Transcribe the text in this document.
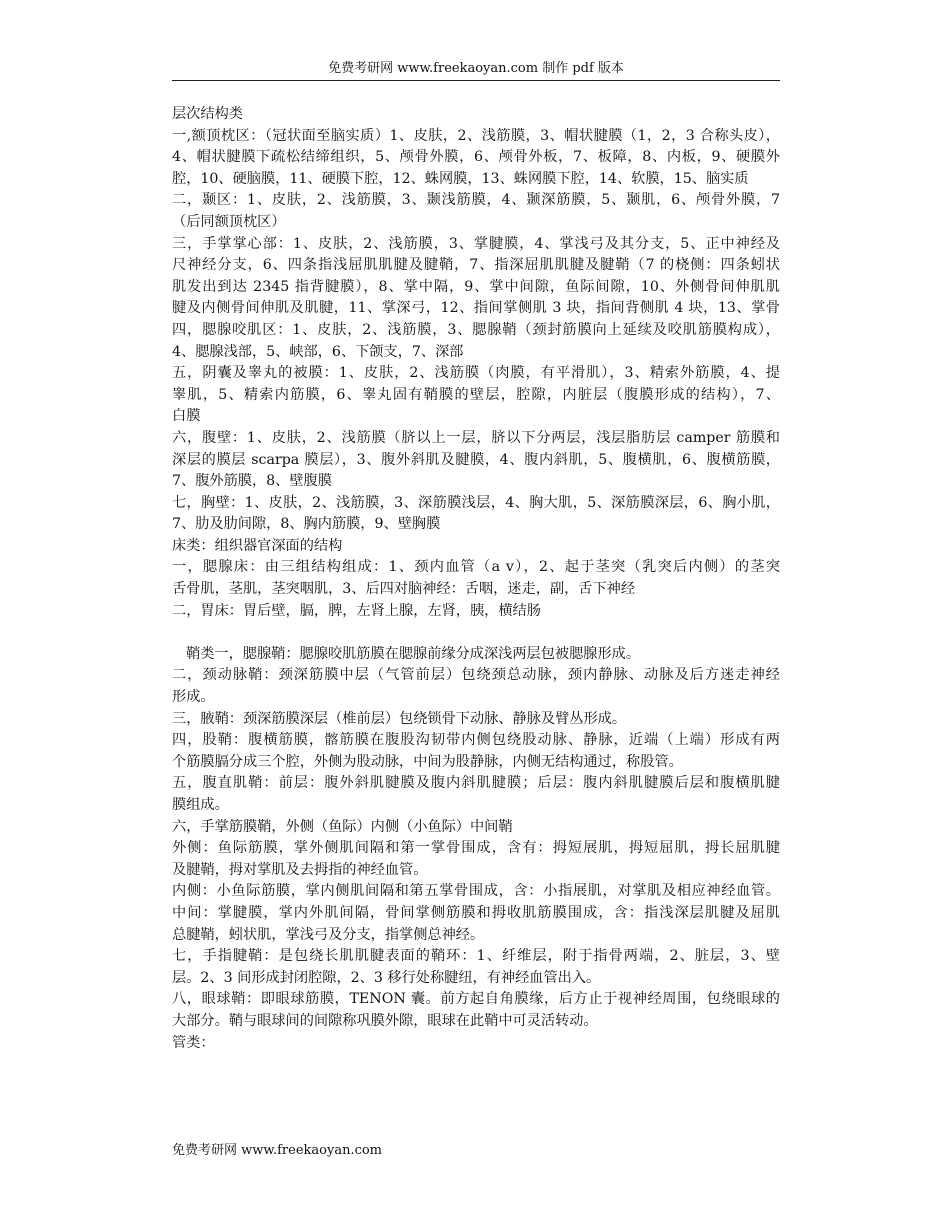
免费考研网 www.freekaoyan.com 制作 pdf 版本
层次结构类
一,额顶枕区：（冠状面至脑实质）1、皮肤，2、浅筋膜，3、帽状腱膜（1，2，3 合称头皮），
4、帽状腱膜下疏松结缔组织，5、颅骨外膜，6、颅骨外板，7、板障，8、内板，9、硬膜外
腔，10、硬脑膜，11、硬膜下腔，12、蛛网膜，13、蛛网膜下腔，14、软膜，15、脑实质
二，颞区：1、皮肤，2、浅筋膜，3、颞浅筋膜，4、颞深筋膜，5、颞肌，6、颅骨外膜，7
（后同额顶枕区）
三，手掌掌心部：1、皮肤，2、浅筋膜，3、掌腱膜，4、掌浅弓及其分支，5、正中神经及
尺神经分支，6、四条指浅屈肌肌腱及腱鞘，7、指深屈肌肌腱及腱鞘（7 的桡侧：四条蚓状
肌发出到达 2345 指背腱膜），8、掌中隔，9、掌中间隙，鱼际间隙，10、外侧骨间伸肌肌
腱及内侧骨间伸肌及肌腱，11、掌深弓，12、指间掌侧肌 3 块，指间背侧肌 4 块，13、掌骨
四，腮腺咬肌区：1、皮肤，2、浅筋膜，3、腮腺鞘（颈封筋膜向上延续及咬肌筋膜构成），
4、腮腺浅部，5、峡部，6、下颌支，7、深部
五，阴囊及睾丸的被膜：1、皮肤，2、浅筋膜（肉膜，有平滑肌），3、精索外筋膜，4、提
睾肌，5、精索内筋膜，6、睾丸固有鞘膜的壁层，腔隙，内脏层（腹膜形成的结构），7、
白膜
六，腹壁：1、皮肤，2、浅筋膜（脐以上一层，脐以下分两层，浅层脂肪层 camper 筋膜和
深层的膜层 scarpa 膜层），3、腹外斜肌及腱膜，4、腹内斜肌，5、腹横肌，6、腹横筋膜，
7、腹外筋膜，8、壁腹膜
七，胸壁：1、皮肤，2、浅筋膜，3、深筋膜浅层，4、胸大肌，5、深筋膜深层，6、胸小肌，
7、肋及肋间隙，8、胸内筋膜，9、壁胸膜
床类：组织器官深面的结构
一，腮腺床：由三组结构组成：1、颈内血管（a v），2、起于茎突（乳突后内侧）的茎突
舌骨肌，茎肌，茎突咽肌，3、后四对脑神经：舌咽，迷走，副，舌下神经
二，胃床：胃后壁，膈，脾，左肾上腺，左肾，胰，横结肠
鞘类一，腮腺鞘：腮腺咬肌筋膜在腮腺前缘分成深浅两层包被腮腺形成。
二，颈动脉鞘：颈深筋膜中层（气管前层）包绕颈总动脉，颈内静脉、动脉及后方迷走神经
形成。
三，腋鞘：颈深筋膜深层（椎前层）包绕锁骨下动脉、静脉及臂丛形成。
四，股鞘：腹横筋膜，髂筋膜在腹股沟韧带内侧包绕股动脉、静脉，近端（上端）形成有两
个筋膜膈分成三个腔，外侧为股动脉，中间为股静脉，内侧无结构通过，称股管。
五，腹直肌鞘：前层：腹外斜肌腱膜及腹内斜肌腱膜；后层：腹内斜肌腱膜后层和腹横肌腱
膜组成。
六，手掌筋膜鞘，外侧（鱼际）内侧（小鱼际）中间鞘
外侧：鱼际筋膜，掌外侧肌间隔和第一掌骨围成，含有：拇短展肌，拇短屈肌，拇长屈肌腱
及腱鞘，拇对掌肌及去拇指的神经血管。
内侧：小鱼际筋膜，掌内侧肌间隔和第五掌骨围成，含：小指展肌，对掌肌及相应神经血管。
中间：掌腱膜，掌内外肌间隔，骨间掌侧筋膜和拇收肌筋膜围成，含：指浅深层肌腱及屈肌
总腱鞘，蚓状肌，掌浅弓及分支，指掌侧总神经。
七，手指腱鞘：是包绕长肌肌腱表面的鞘环：1、纤维层，附于指骨两端，2、脏层，3、壁
层。2、3 间形成封闭腔隙，2、3 移行处称腱纽，有神经血管出入。
八，眼球鞘：即眼球筋膜，TENON 囊。前方起自角膜缘，后方止于视神经周围，包绕眼球的
大部分。鞘与眼球间的间隙称巩膜外隙，眼球在此鞘中可灵活转动。
管类：
免费考研网 www.freekaoyan.com
